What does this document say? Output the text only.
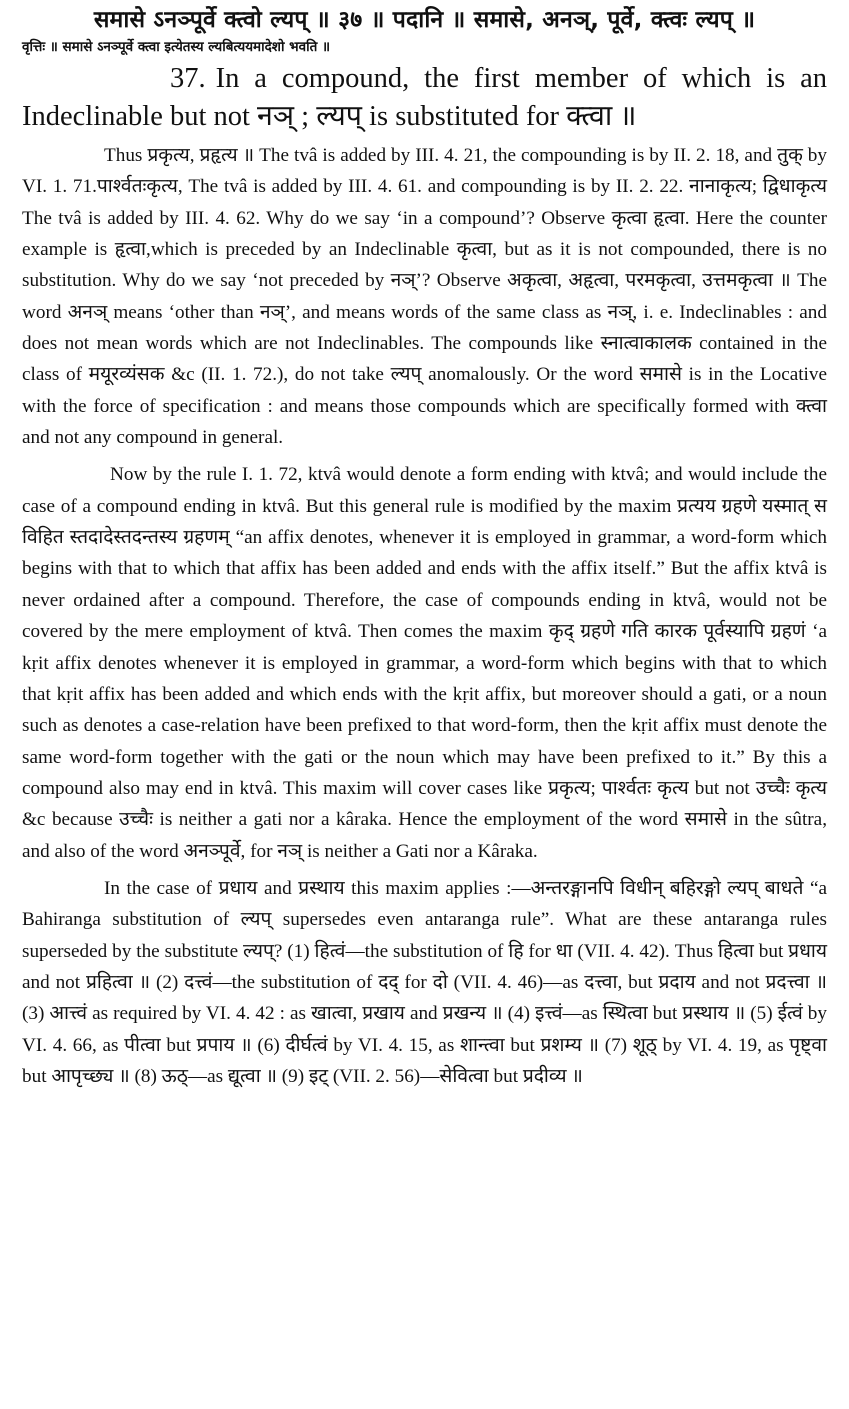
समासे ऽनञ्पूर्वे क्त्वो ल्यप् ॥ ३७ ॥ पदानि ॥ समासे, अनञ्, पूर्वे, क्त्वः ल्यप् ॥

वृत्तिः ॥ समासे ऽनञ्पूर्वे क्त्वा इत्येतस्य ल्यबित्ययमादेशो भवति ॥

37. In a compound, the first member of which is an Indeclinable but not नञ् ; ल्यप् is substituted for क्त्वा ॥

Thus प्रकृत्य, प्रहृत्य ॥ The tvâ is added by III. 4. 21, the compounding is by II. 2. 18, and तुक् by VI. 1. 71.पार्श्वतःकृत्य, The tvâ is added by III. 4. 61. and compounding is by II. 2. 22. नानाकृत्य; द्विधाकृत्य The tvâ is added by III. 4. 62. Why do we say ‘in a compound’? Observe कृत्वा हृत्वा. Here the counter example is हृत्वा,which is preceded by an Indeclinable कृत्वा, but as it is not compounded, there is no substitution. Why do we say ‘not preceded by नञ्’? Observe अकृत्वा, अहृत्वा, परमकृत्वा, उत्तमकृत्वा ॥ The word अनञ् means ‘other than नञ्’, and means words of the same class as नञ्, i. e. Indeclinables : and does not mean words which are not Indeclinables. The compounds like स्नात्वाकालक contained in the class of मयूरव्यंसक &c (II. 1. 72.), do not take ल्यप् anomalously. Or the word समासे is in the Locative with the force of specification : and means those compounds which are specifically formed with क्त्वा and not any compound in general.

Now by the rule I. 1. 72, ktvâ would denote a form ending with ktvâ; and would include the case of a compound ending in ktvâ. But this general rule is modified by the maxim प्रत्यय ग्रहणे यस्मात् स विहित स्तदादेस्तदन्तस्य ग्रहणम् “an affix denotes, whenever it is employed in grammar, a word-form which begins with that to which that affix has been added and ends with the affix itself.” But the affix ktvâ is never ordained after a compound. Therefore, the case of compounds ending in ktvâ, would not be covered by the mere employment of ktvâ. Then comes the maxim कृद् ग्रहणे गति कारक पूर्वस्यापि ग्रहणं ‘a kṛit affix denotes whenever it is employed in grammar, a word-form which begins with that to which that kṛit affix has been added and which ends with the kṛit affix, but moreover should a gati, or a noun such as denotes a case-relation have been prefixed to that word-form, then the kṛit affix must denote the same word-form together with the gati or the noun which may have been prefixed to it.” By this a compound also may end in ktvâ. This maxim will cover cases like प्रकृत्य; पार्श्वतः कृत्य but not उच्चैः कृत्य &c because उच्चैः is neither a gati nor a kâraka. Hence the employment of the word समासे in the sûtra, and also of the word अनञ्पूर्वे, for नञ् is neither a Gati nor a Kâraka.

In the case of प्रधाय and प्रस्थाय this maxim applies :—अन्तरङ्गानपि विधीन् बहिरङ्गो ल्यप् बाधते “a Bahiranga substitution of ल्यप् supersedes even antaranga rule”. What are these antaranga rules superseded by the substitute ल्यप्? (1) हित्वं—the substitution of हि for धा (VII. 4. 42). Thus हित्वा but प्रधाय and not प्रहित्वा ॥ (2) दत्त्वं—the substitution of दद् for दो (VII. 4. 46)—as दत्त्वा, but प्रदाय and not प्रदत्त्वा ॥ (3) आत्त्वं as required by VI. 4. 42 : as खात्वा, प्रखाय and प्रखन्य ॥ (4) इत्त्वं—as स्थित्वा but प्रस्थाय ॥ (5) ईत्वं by VI. 4. 66, as पीत्वा but प्रपाय ॥ (6) दीर्घत्वं by VI. 4. 15, as शान्त्वा but प्रशम्य ॥ (7) शूठ् by VI. 4. 19, as पृष्ट्वा but आपृच्छ्य ॥ (8) ऊठ्—as द्यूत्वा ॥ (9) इट् (VII. 2. 56)—सेवित्वा but प्रदीव्य ॥
